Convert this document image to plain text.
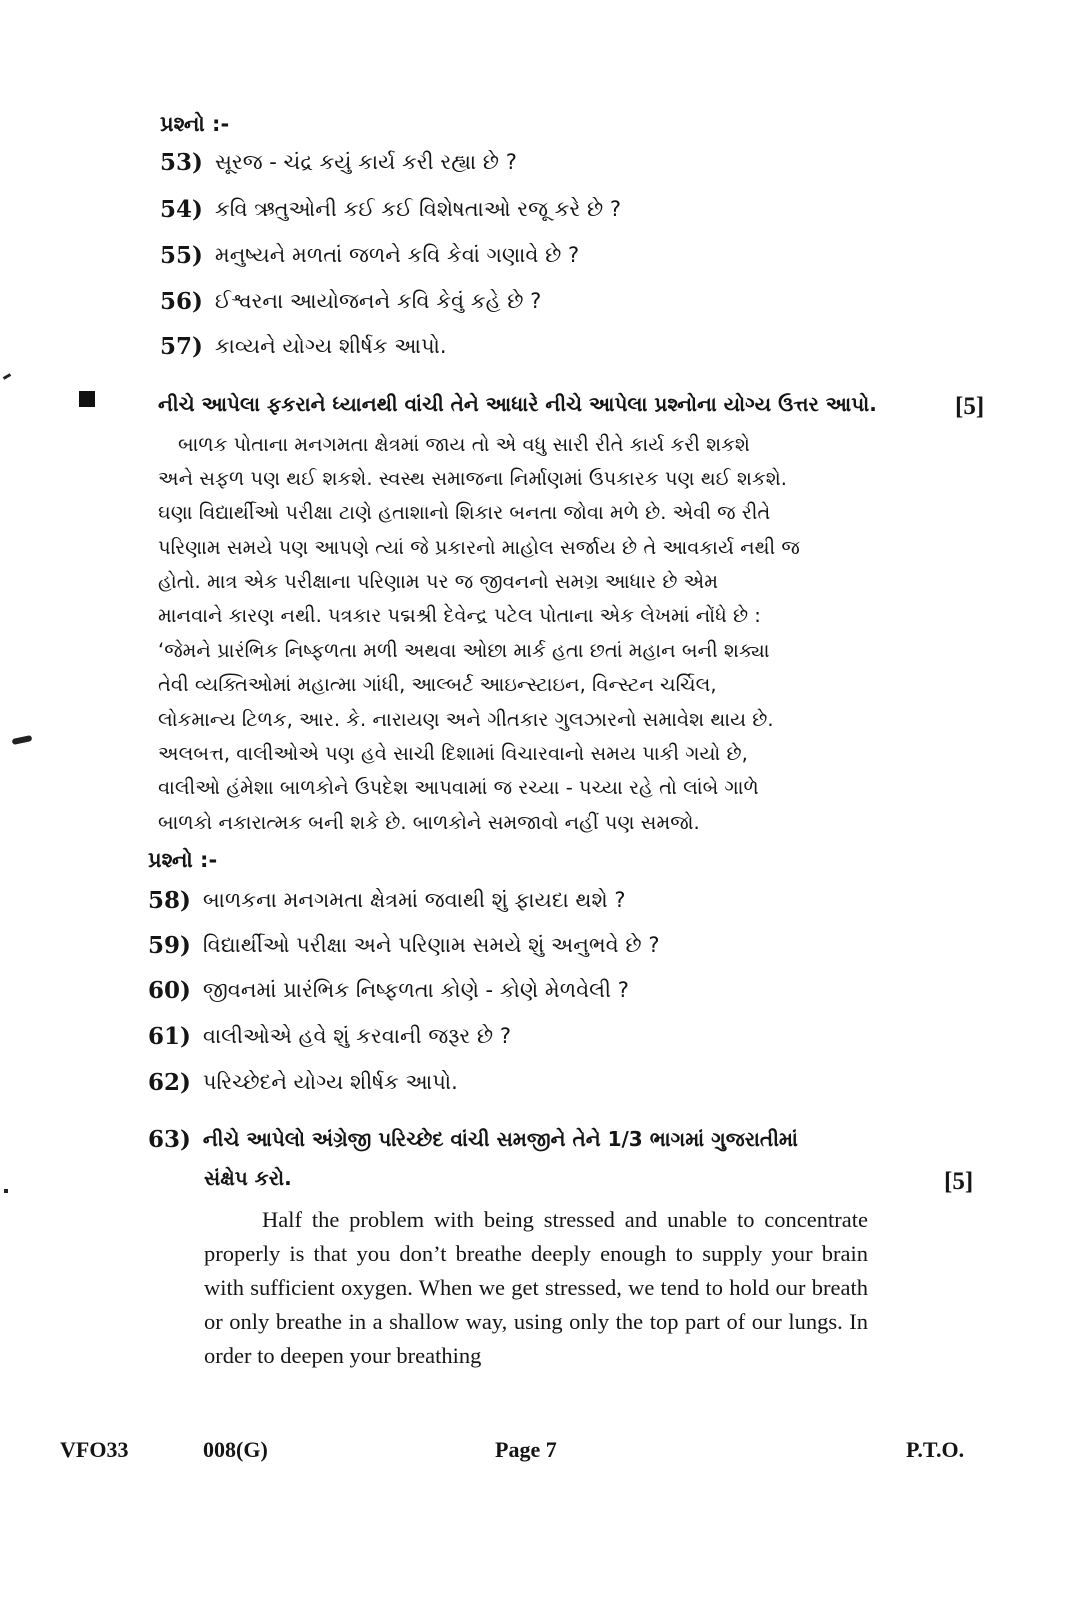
પ્રશ્નો :-
53) સૂરજ - ચંદ્ર કયું કાર્ય કરી રહ્યા છે ?
54) કવિ ઋતુઓની કઈ કઈ વિશેષતાઓ રજૂ કરે છે ?
55) મનુષ્યને મળતાં જળને કવિ કેવાં ગણાવે છે ?
56) ઈશ્વરના આયોજનને કવિ કેવું કહે છે ?
57) કાવ્યને યોગ્ય શીર્ષક આપો.
નીચે આપેલા ફકરાને ધ્યાનથી વાંચી તેને આધારે નીચે આપેલા પ્રશ્નોના યોગ્ય ઉત્તર આપો.	[5]
બાળક પોતાના મનગમતા ક્ષેત્રમાં જાય તો એ વધુ સારી રીતે કાર્ય કરી શકશે
અને સફળ પણ થઈ શકશે. સ્વસ્થ સમાજના નિર્માણમાં ઉપકારક પણ થઈ શકશે.
ઘણા વિદ્યાર્થીઓ પરીક્ષા ટાણે હતાશાનો શિકાર બનતા જોવા મળે છે. એવી જ રીતે
પરિણામ સમયે પણ આપણે ત્યાં જે પ્રકારનો માહોલ સર્જાય છે તે આવકાર્ય નથી જ
હોતો. માત્ર એક પરીક્ષાના પરિણામ પર જ જીવનનો સમગ્ર આધાર છે એમ
માનવાને કારણ નથી. પત્રકાર પદ્મશ્રી દેવેન્દ્ર પટેલ પોતાના એક લેખમાં નોંધે છે :
‘જેમને પ્રારંભિક નિષ્ફળતા મળી અથવા ઓછા માર્ક હતા છતાં મહાન બની શક્યા
તેવી વ્યક્તિઓમાં મહાત્મા ગાંધી, આલ્બર્ટ આઇન્સ્ટાઇન, વિન્સ્ટન ચર્ચિલ,
લોકમાન્ય ટિળક, આર. કે. નારાયણ અને ગીતકાર ગુલઝારનો સમાવેશ થાય છે.
અલબત્ત, વાલીઓએ પણ હવે સાચી દિશામાં વિચારવાનો સમય પાકી ગયો છે,
વાલીઓ હંમેશા બાળકોને ઉપદેશ આપવામાં જ રચ્યા - પચ્યા રહે તો લાંબે ગાળે
બાળકો નકારાત્મક બની શકે છે. બાળકોને સમજાવો નહીં પણ સમજો.
પ્રશ્નો :-
58) બાળકના મનગમતા ક્ષેત્રમાં જવાથી શું ફાયદા થશે ?
59) વિદ્યાર્થીઓ પરીક્ષા અને પરિણામ સમયે શું અનુભવે છે ?
60) જીવનમાં પ્રારંભિક નિષ્ફળતા કોણે - કોણે મેળવેલી ?
61) વાલીઓએ હવે શું કરવાની જરૂર છે ?
62) પરિચ્છેદને યોગ્ય શીર્ષક આપો.
63) નીચે આપેલો અંગ્રેજી પરિચ્છેદ વાંચી સમજીને તેને 1/3 ભાગમાં ગુજરાતીમાં
સંક્ષેપ કરો.	[5]
Half the problem with being stressed and unable to concentrate properly is that you don’t breathe deeply enough to supply your brain with sufficient oxygen. When we get stressed, we tend to hold our breath or only breathe in a shallow way, using only the top part of our lungs. In order to deepen your breathing
VFO33	008(G)	Page 7	P.T.O.
